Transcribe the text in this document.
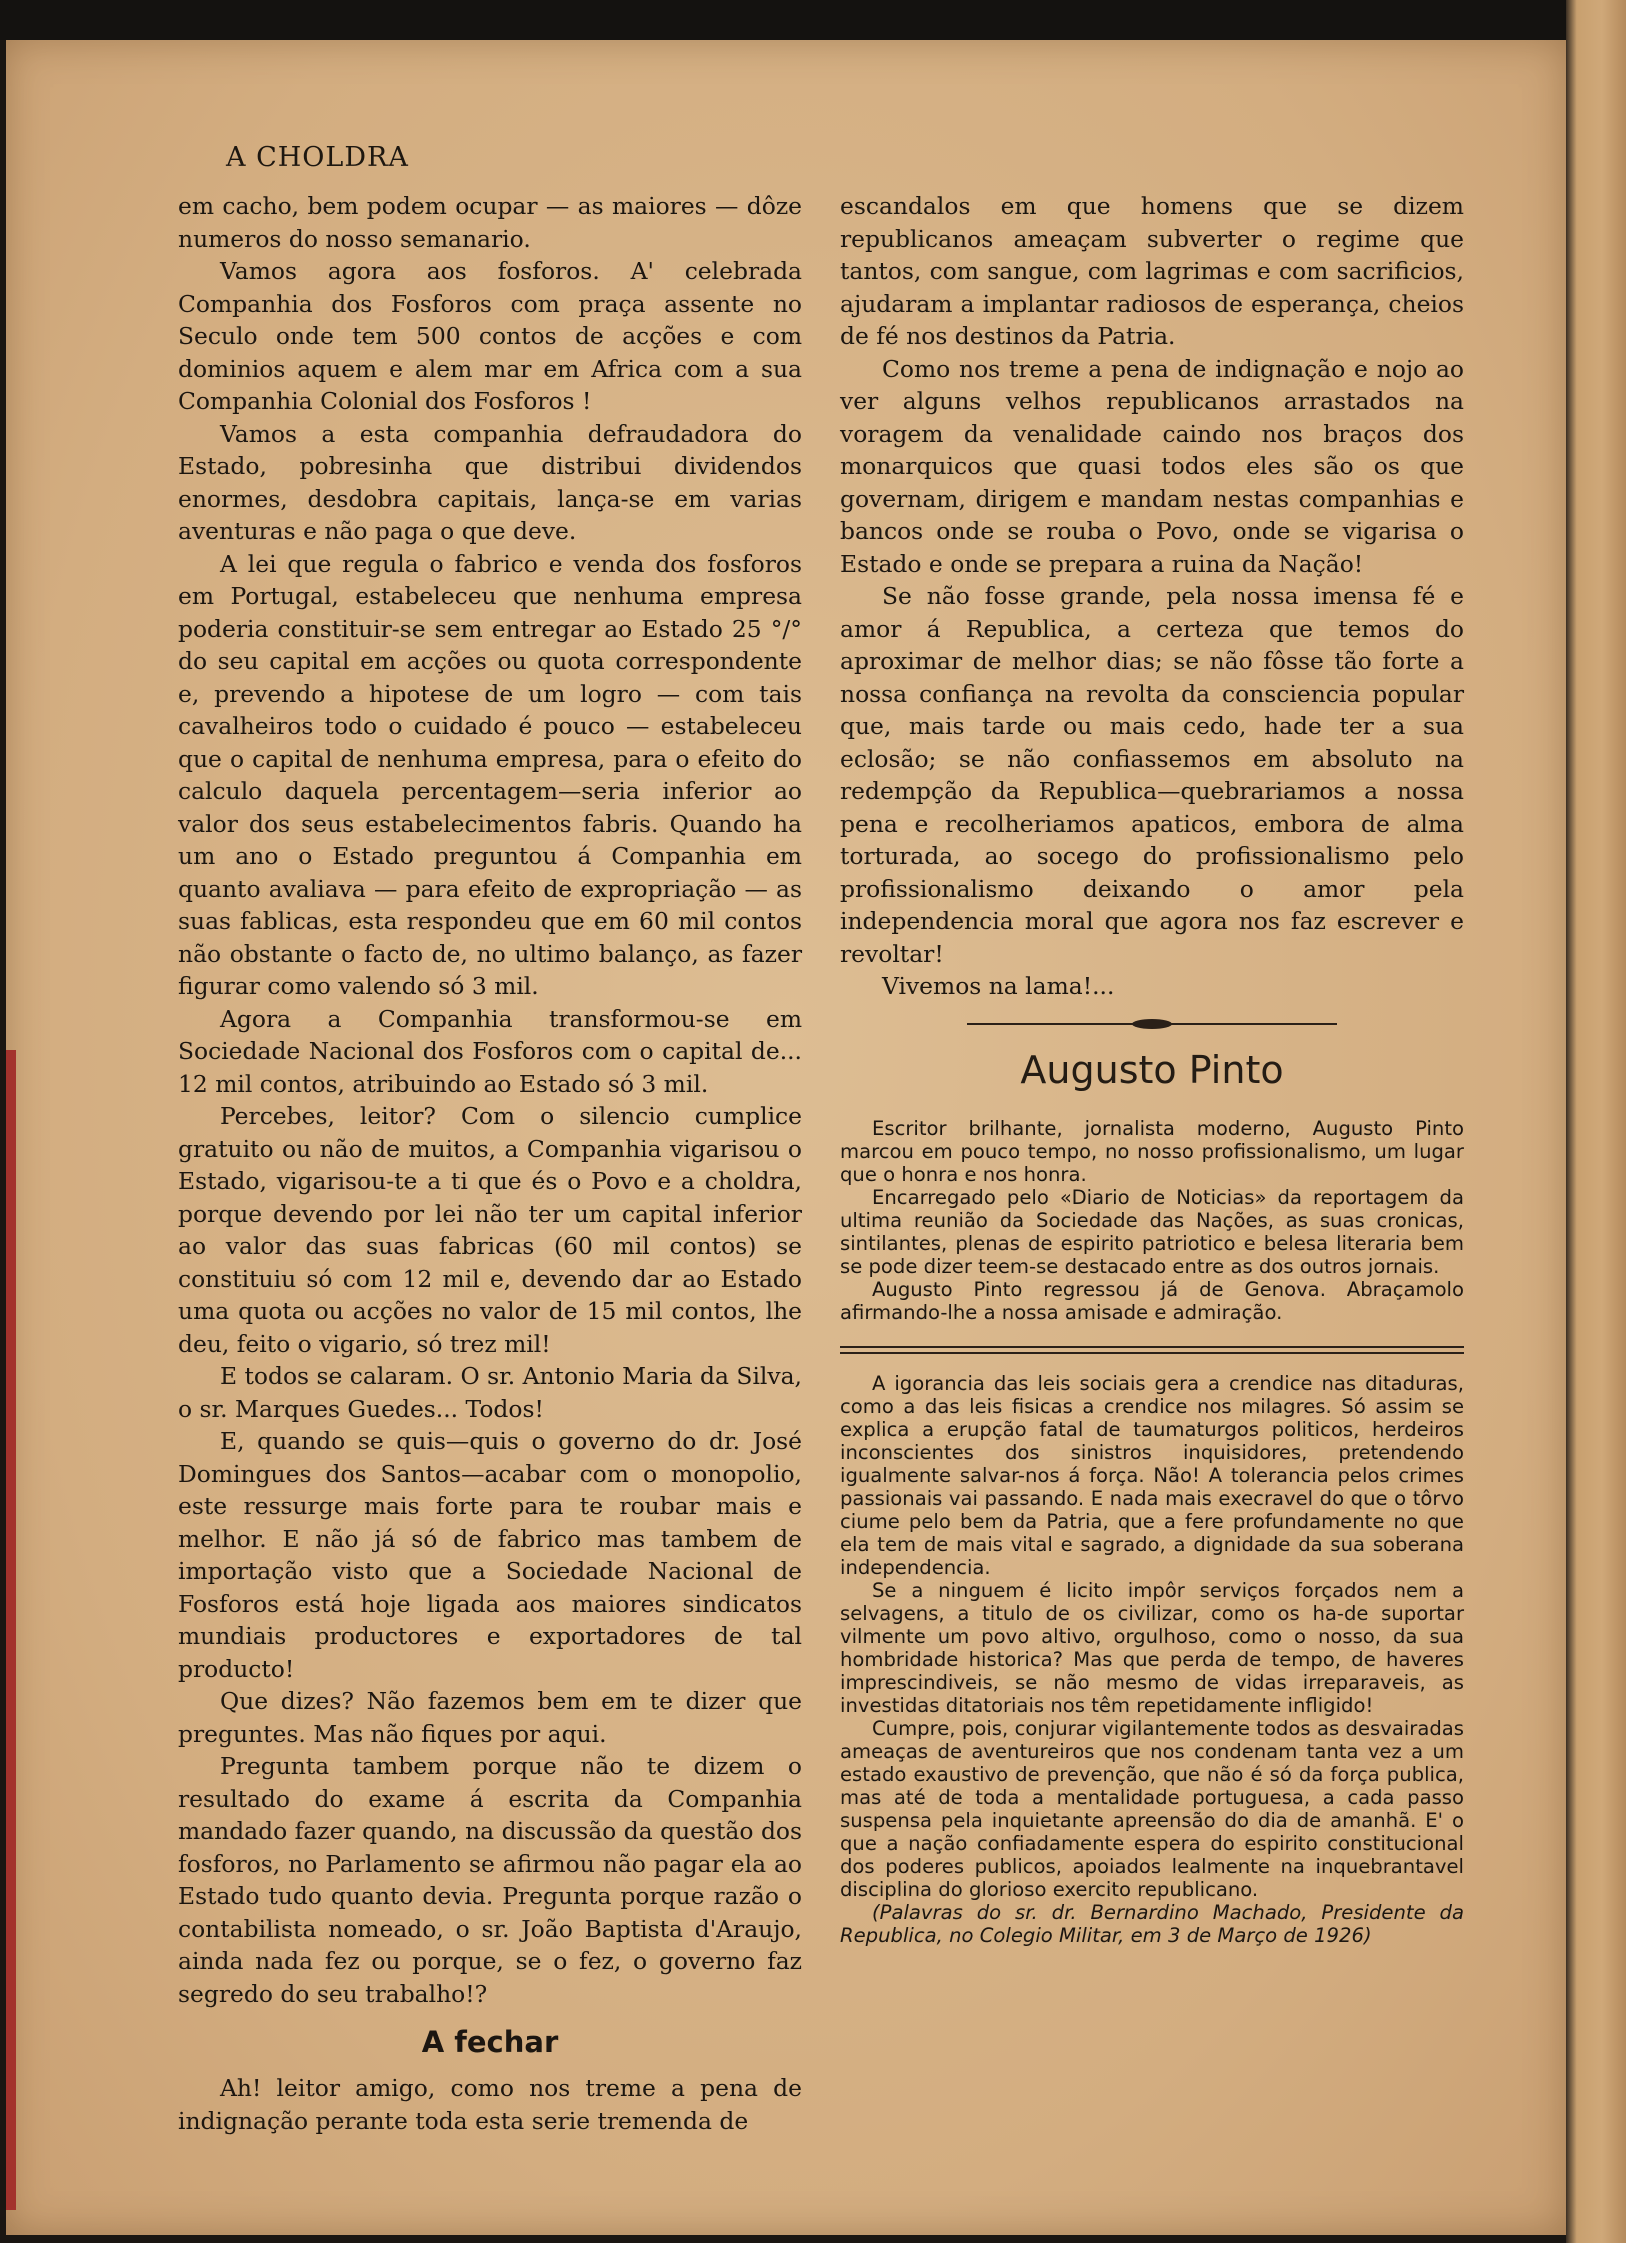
A CHOLDRA

em cacho, bem podem ocupar — as maiores — dôze numeros do nosso semanario.

Vamos agora aos fosforos. A' celebrada Companhia dos Fosforos com praça assente no Seculo onde tem 500 contos de acções e com dominios aquem e alem mar em Africa com a sua Companhia Colonial dos Fosforos !

Vamos a esta companhia defraudadora do Estado, pobresinha que distribui dividendos enormes, desdobra capitais, lança-se em varias aventuras e não paga o que deve.

A lei que regula o fabrico e venda dos fosforos em Portugal, estabeleceu que nenhuma empresa poderia constituir-se sem entregar ao Estado 25 °/° do seu capital em acções ou quota correspondente e, prevendo a hipotese de um logro — com tais cavalheiros todo o cuidado é pouco — estabeleceu que o capital de nenhuma empresa, para o efeito do calculo daquela percentagem—seria inferior ao valor dos seus estabelecimentos fabris. Quando ha um ano o Estado preguntou á Companhia em quanto avaliava — para efeito de expropriação — as suas fablicas, esta respondeu que em 60 mil contos não obstante o facto de, no ultimo balanço, as fazer figurar como valendo só 3 mil.

Agora a Companhia transformou-se em Sociedade Nacional dos Fosforos com o capital de... 12 mil contos, atribuindo ao Estado só 3 mil.

Percebes, leitor? Com o silencio cumplice gratuito ou não de muitos, a Companhia vigarisou o Estado, vigarisou-te a ti que és o Povo e a choldra, porque devendo por lei não ter um capital inferior ao valor das suas fabricas (60 mil contos) se constituiu só com 12 mil e, devendo dar ao Estado uma quota ou acções no valor de 15 mil contos, lhe deu, feito o vigario, só trez mil!

E todos se calaram. O sr. Antonio Maria da Silva, o sr. Marques Guedes... Todos!

E, quando se quis—quis o governo do dr. José Domingues dos Santos—acabar com o monopolio, este ressurge mais forte para te roubar mais e melhor. E não já só de fabrico mas tambem de importação visto que a Sociedade Nacional de Fosforos está hoje ligada aos maiores sindicatos mundiais productores e exportadores de tal producto!

Que dizes? Não fazemos bem em te dizer que preguntes. Mas não fiques por aqui.

Pregunta tambem porque não te dizem o resultado do exame á escrita da Companhia mandado fazer quando, na discussão da questão dos fosforos, no Parlamento se afirmou não pagar ela ao Estado tudo quanto devia. Pregunta porque razão o contabilista nomeado, o sr. João Baptista d'Araujo, ainda nada fez ou porque, se o fez, o governo faz segredo do seu trabalho!?

A fechar

Ah! leitor amigo, como nos treme a pena de indignação perante toda esta serie tremenda de

escandalos em que homens que se dizem republicanos ameaçam subverter o regime que tantos, com sangue, com lagrimas e com sacrificios, ajudaram a implantar radiosos de esperança, cheios de fé nos destinos da Patria.

Como nos treme a pena de indignação e nojo ao ver alguns velhos republicanos arrastados na voragem da venalidade caindo nos braços dos monarquicos que quasi todos eles são os que governam, dirigem e mandam nestas companhias e bancos onde se rouba o Povo, onde se vigarisa o Estado e onde se prepara a ruina da Nação!

Se não fosse grande, pela nossa imensa fé e amor á Republica, a certeza que temos do aproximar de melhor dias; se não fôsse tão forte a nossa confiança na revolta da consciencia popular que, mais tarde ou mais cedo, hade ter a sua eclosão; se não confiassemos em absoluto na redempção da Republica—quebrariamos a nossa pena e recolheriamos apaticos, embora de alma torturada, ao socego do profissionalismo pelo profissionalismo deixando o amor pela independencia moral que agora nos faz escrever e revoltar!

Vivemos na lama!...

Augusto Pinto

Escritor brilhante, jornalista moderno, Augusto Pinto marcou em pouco tempo, no nosso profissionalismo, um lugar que o honra e nos honra.

Encarregado pelo «Diario de Noticias» da reportagem da ultima reunião da Sociedade das Nações, as suas cronicas, sintilantes, plenas de espirito patriotico e belesa literaria bem se pode dizer teem-se destacado entre as dos outros jornais.

Augusto Pinto regressou já de Genova. Abraçamolo afirmando-lhe a nossa amisade e admiração.

A igorancia das leis sociais gera a crendice nas ditaduras, como a das leis fisicas a crendice nos milagres. Só assim se explica a erupção fatal de taumaturgos politicos, herdeiros inconscientes dos sinistros inquisidores, pretendendo igualmente salvar-nos á força. Não! A tolerancia pelos crimes passionais vai passando. E nada mais execravel do que o tôrvo ciume pelo bem da Patria, que a fere profundamente no que ela tem de mais vital e sagrado, a dignidade da sua soberana independencia.

Se a ninguem é licito impôr serviços forçados nem a selvagens, a titulo de os civilizar, como os ha-de suportar vilmente um povo altivo, orgulhoso, como o nosso, da sua hombridade historica? Mas que perda de tempo, de haveres imprescindiveis, se não mesmo de vidas irreparaveis, as investidas ditatoriais nos têm repetidamente infligido!

Cumpre, pois, conjurar vigilantemente todos as desvairadas ameaças de aventureiros que nos condenam tanta vez a um estado exaustivo de prevenção, que não é só da força publica, mas até de toda a mentalidade portuguesa, a cada passo suspensa pela inquietante apreensão do dia de amanhã. E' o que a nação confiadamente espera do espirito constitucional dos poderes publicos, apoiados lealmente na inquebrantavel disciplina do glorioso exercito republicano.

(Palavras do sr. dr. Bernardino Machado, Presidente da Republica, no Colegio Militar, em 3 de Março de 1926)
